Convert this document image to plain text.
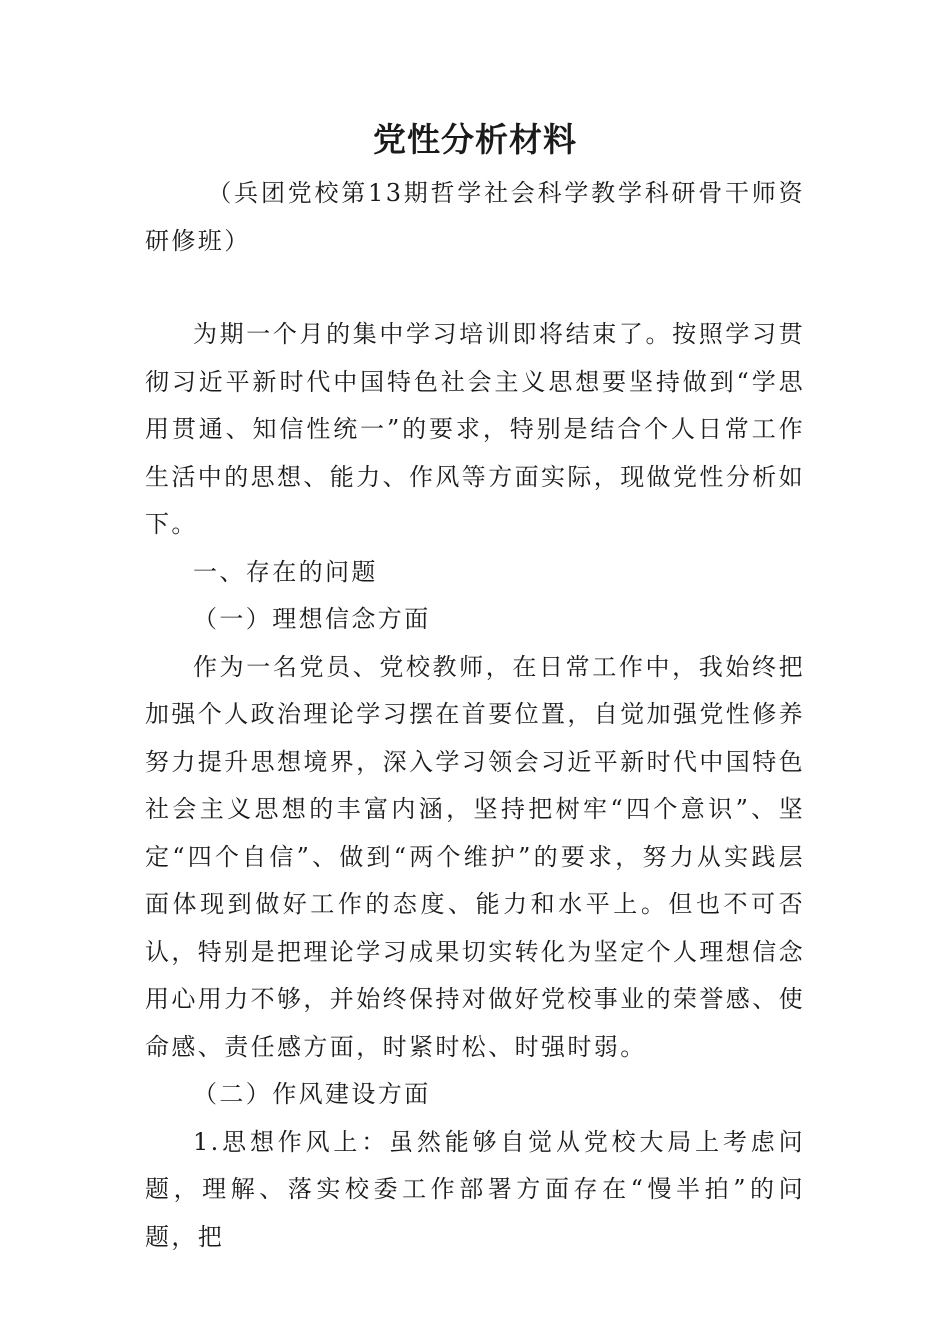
党性分析材料

（兵团党校第13期哲学社会科学教学科研骨干师资研修班）

为期一个月的集中学习培训即将结束了。按照学习贯彻习近平新时代中国特色社会主义思想要坚持做到“学思用贯通、知信性统一”的要求，特别是结合个人日常工作生活中的思想、能力、作风等方面实际，现做党性分析如下。

一、存在的问题

（一）理想信念方面

作为一名党员、党校教师，在日常工作中，我始终把加强个人政治理论学习摆在首要位置，自觉加强党性修养努力提升思想境界，深入学习领会习近平新时代中国特色社会主义思想的丰富内涵，坚持把树牢“四个意识”、坚定“四个自信”、做到“两个维护”的要求，努力从实践层面体现到做好工作的态度、能力和水平上。但也不可否认，特别是把理论学习成果切实转化为坚定个人理想信念用心用力不够，并始终保持对做好党校事业的荣誉感、使命感、责任感方面，时紧时松、时强时弱。

（二）作风建设方面

1.思想作风上：虽然能够自觉从党校大局上考虑问题，理解、落实校委工作部署方面存在“慢半拍”的问题，把
